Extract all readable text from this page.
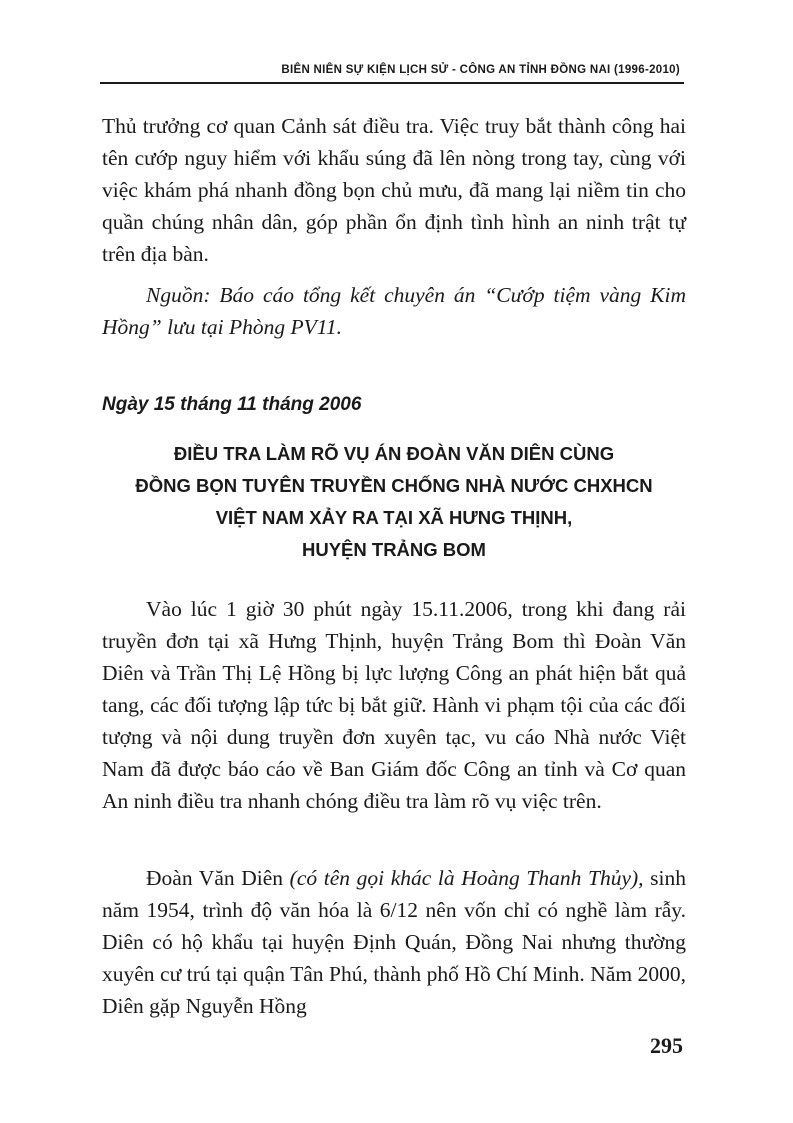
BIÊN NIÊN SỰ KIỆN LỊCH SỬ - CÔNG AN TỈNH ĐỒNG NAI (1996-2010)

Thủ trưởng cơ quan Cảnh sát điều tra. Việc truy bắt thành công hai tên cướp nguy hiểm với khẩu súng đã lên nòng trong tay, cùng với việc khám phá nhanh đồng bọn chủ mưu, đã mang lại niềm tin cho quần chúng nhân dân, góp phần ổn định tình hình an ninh trật tự trên địa bàn.

Nguồn: Báo cáo tổng kết chuyên án “Cướp tiệm vàng Kim Hồng” lưu tại Phòng PV11.

Ngày 15 tháng 11 tháng 2006
ĐIỀU TRA LÀM RÕ VỤ ÁN ĐOÀN VĂN DIÊN CÙNG
ĐỒNG BỌN TUYÊN TRUYỀN CHỐNG NHÀ NƯỚC CHXHCN
VIỆT NAM XẢY RA TẠI XÃ HƯNG THỊNH,
HUYỆN TRẢNG BOM

Vào lúc 1 giờ 30 phút ngày 15.11.2006, trong khi đang rải truyền đơn tại xã Hưng Thịnh, huyện Trảng Bom thì Đoàn Văn Diên và Trần Thị Lệ Hồng bị lực lượng Công an phát hiện bắt quả tang, các đối tượng lập tức bị bắt giữ. Hành vi phạm tội của các đối tượng và nội dung truyền đơn xuyên tạc, vu cáo Nhà nước Việt Nam đã được báo cáo về Ban Giám đốc Công an tỉnh và Cơ quan An ninh điều tra nhanh chóng điều tra làm rõ vụ việc trên.

Đoàn Văn Diên (có tên gọi khác là Hoàng Thanh Thủy), sinh năm 1954, trình độ văn hóa là 6/12 nên vốn chỉ có nghề làm rẫy. Diên có hộ khẩu tại huyện Định Quán, Đồng Nai nhưng thường xuyên cư trú tại quận Tân Phú, thành phố Hồ Chí Minh. Năm 2000, Diên gặp Nguyễn Hồng

295
